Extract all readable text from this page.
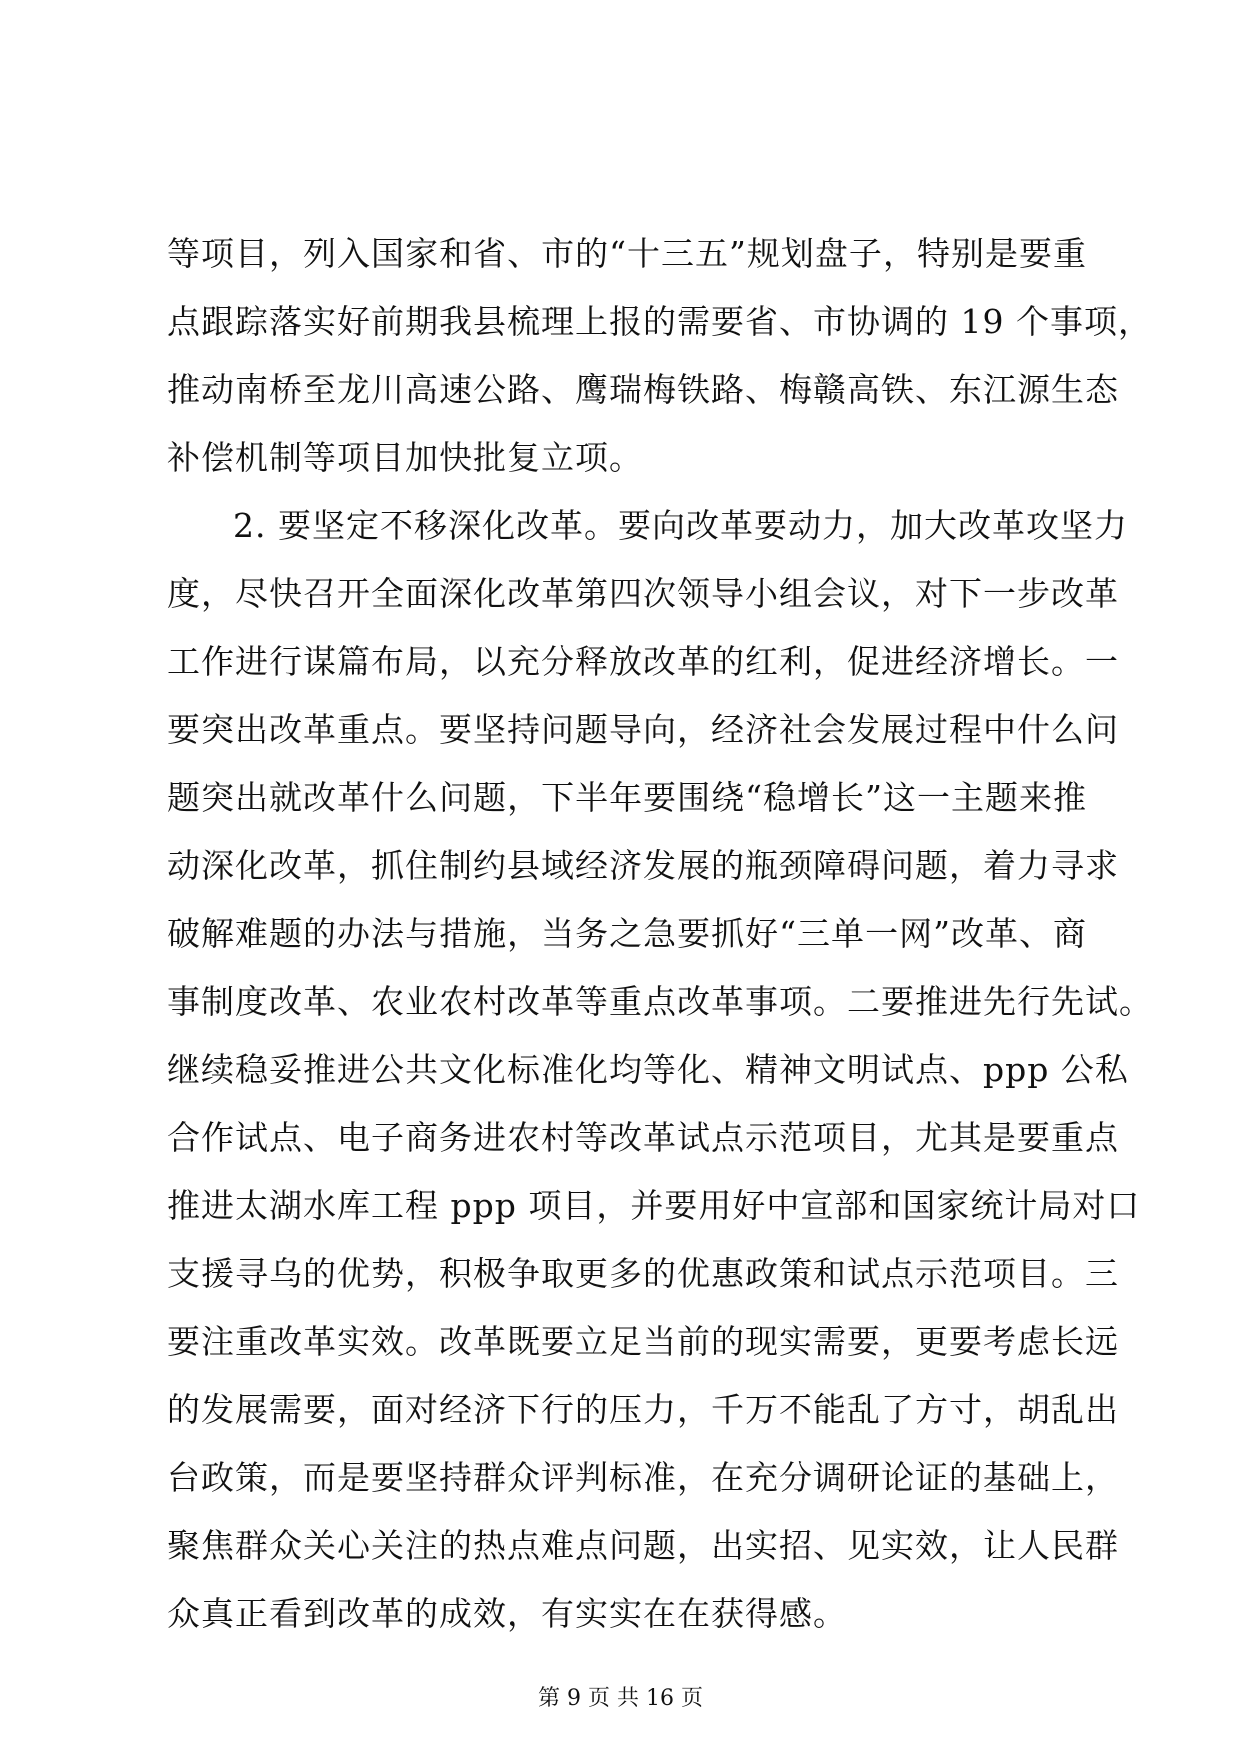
等项目，列入国家和省、市的“十三五”规划盘子，特别是要重
点跟踪落实好前期我县梳理上报的需要省、市协调的 19 个事项，
推动南桥至龙川高速公路、鹰瑞梅铁路、梅赣高铁、东江源生态
补偿机制等项目加快批复立项。
2. 要坚定不移深化改革。要向改革要动力，加大改革攻坚力
度，尽快召开全面深化改革第四次领导小组会议，对下一步改革
工作进行谋篇布局，以充分释放改革的红利，促进经济增长。一
要突出改革重点。要坚持问题导向，经济社会发展过程中什么问
题突出就改革什么问题，下半年要围绕“稳增长”这一主题来推
动深化改革，抓住制约县域经济发展的瓶颈障碍问题，着力寻求
破解难题的办法与措施，当务之急要抓好“三单一网”改革、商
事制度改革、农业农村改革等重点改革事项。二要推进先行先试。
继续稳妥推进公共文化标准化均等化、精神文明试点、ppp 公私
合作试点、电子商务进农村等改革试点示范项目，尤其是要重点
推进太湖水库工程 ppp 项目，并要用好中宣部和国家统计局对口
支援寻乌的优势，积极争取更多的优惠政策和试点示范项目。三
要注重改革实效。改革既要立足当前的现实需要，更要考虑长远
的发展需要，面对经济下行的压力，千万不能乱了方寸，胡乱出
台政策，而是要坚持群众评判标准，在充分调研论证的基础上，
聚焦群众关心关注的热点难点问题，出实招、见实效，让人民群
众真正看到改革的成效，有实实在在获得感。
第 9 页 共 16 页
